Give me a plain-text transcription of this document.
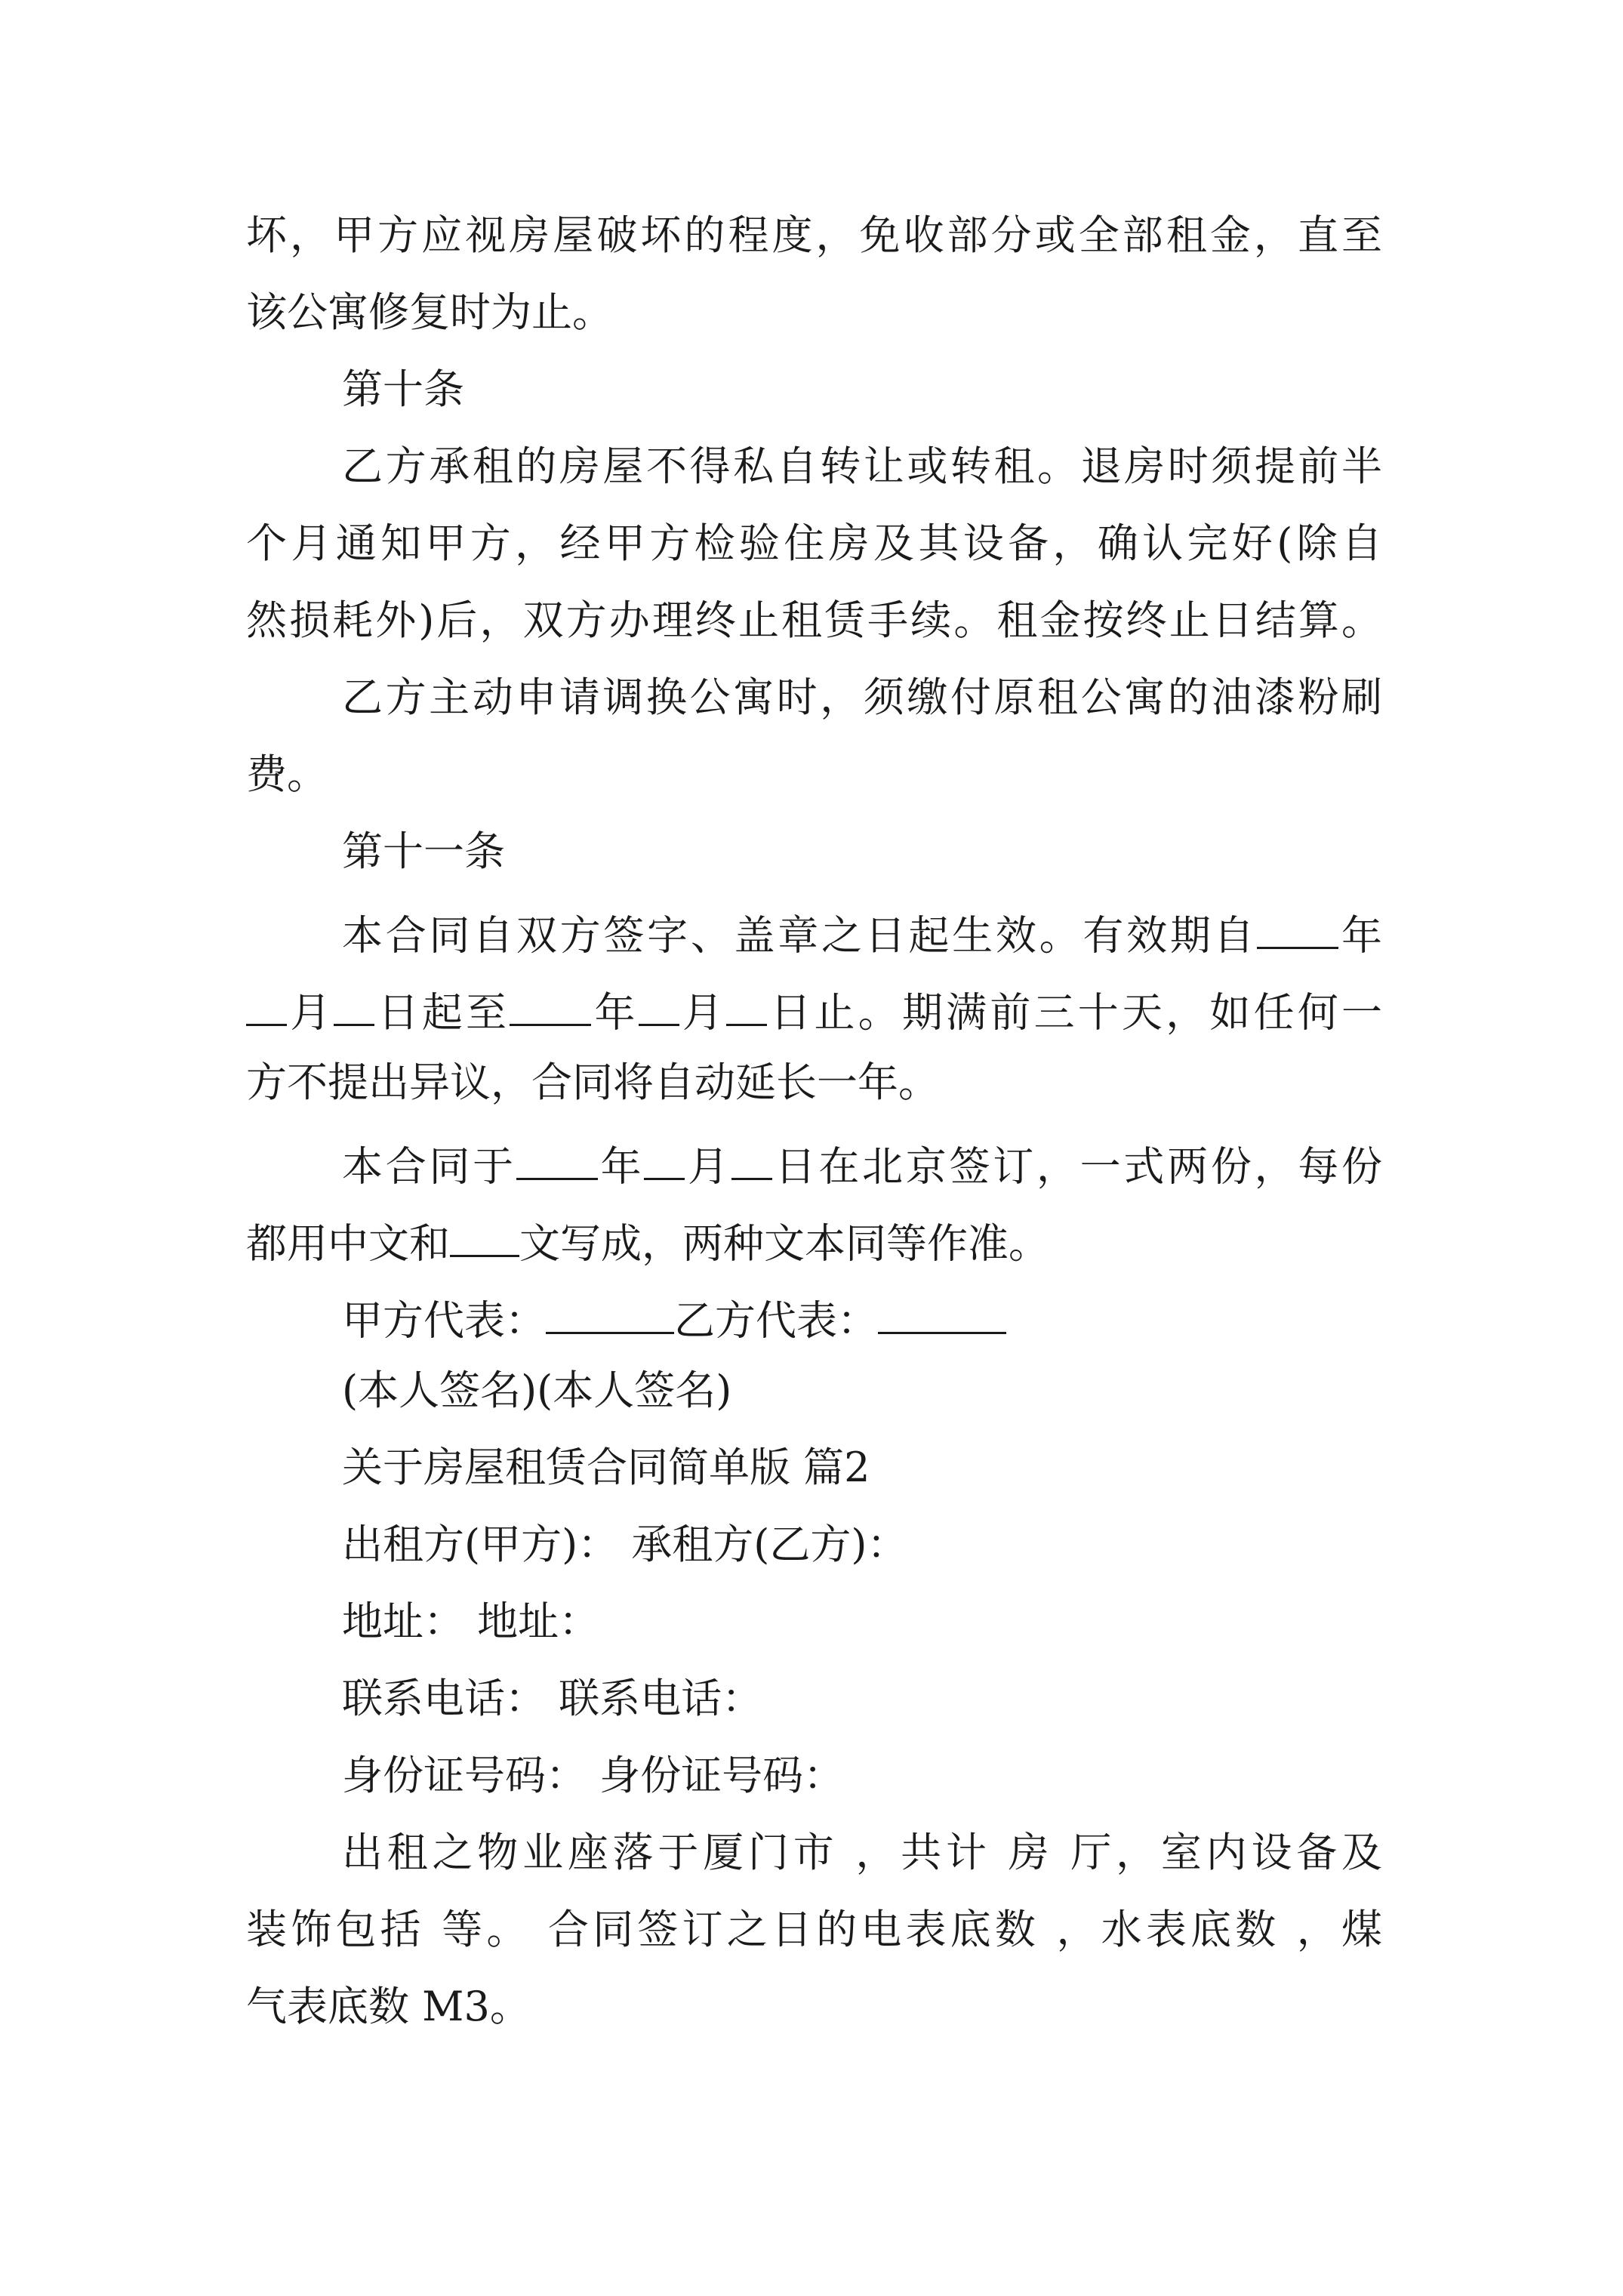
坏，甲方应视房屋破坏的程度，免收部分或全部租金，直至
该公寓修复时为止。
第十条
乙方承租的房屋不得私自转让或转租。退房时须提前半
个月通知甲方，经甲方检验住房及其设备，确认完好(除自
然损耗外)后，双方办理终止租赁手续。租金按终止日结算。
乙方主动申请调换公寓时，须缴付原租公寓的油漆粉刷
费。
第十一条
本合同自双方签字、盖章之日起生效。有效期自 年
月 日起至 年 月 日止。期满前三十天，如任何一
方不提出异议，合同将自动延长一年。
本合同于 年 月 日在北京签订，一式两份，每份
都用中文和 文写成，两种文本同等作准。
甲方代表：	乙方代表：
(本人签名)(本人签名)
关于房屋租赁合同简单版 篇2
出租方(甲方)： 承租方(乙方)：
地址： 地址：
联系电话： 联系电话：
身份证号码： 身份证号码：
出租之物业座落于厦门市 ，共计 房 厅，室内设备及
装饰包括 等。 合同签订之日的电表底数 ，水表底数 ，煤
气表底数 M3。
